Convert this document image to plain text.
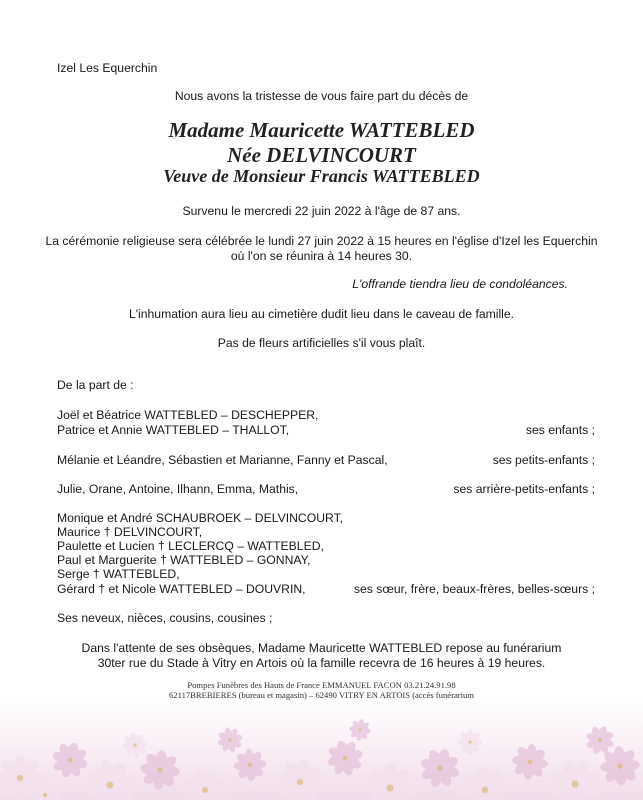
Izel Les Equerchin
Nous avons la tristesse de vous faire part du décès de
Madame Mauricette WATTEBLED
Née DELVINCOURT
Veuve de Monsieur Francis WATTEBLED
Survenu le mercredi 22 juin 2022 à l'âge de 87 ans.
La cérémonie religieuse sera célébrée le lundi 27 juin 2022 à 15 heures en l'église d'Izel les Equerchin
où l'on se réunira à 14 heures 30.
L'offrande tiendra lieu de condoléances.
L'inhumation aura lieu au cimetière dudit lieu dans le caveau de famille.
Pas de fleurs artificielles s'il vous plaît.
De la part de :
Joël et Béatrice WATTEBLED – DESCHEPPER,
Patrice et Annie WATTEBLED – THALLOT,	ses enfants ;
Mélanie et Léandre, Sébastien et Marianne, Fanny et Pascal,	ses petits-enfants ;
Julie, Orane, Antoine, Ilhann, Emma, Mathis,	ses arrière-petits-enfants ;
Monique et André SCHAUBROEK – DELVINCOURT,
Maurice † DELVINCOURT,
Paulette et Lucien † LECLERCQ – WATTEBLED,
Paul et Marguerite † WATTEBLED – GONNAY,
Serge † WATTEBLED,
Gérard † et Nicole WATTEBLED – DOUVRIN,	ses sœur, frère, beaux-frères, belles-sœurs ;
Ses neveux, nièces, cousins, cousines ;
Dans l'attente de ses obsèques, Madame Mauricette WATTEBLED repose au funérarium
30ter rue du Stade à Vitry en Artois où la famille recevra de 16 heures à 19 heures.
Pompes Funèbres des Hauts de France EMMANUEL FACON 03.21.24.91.98
62117BREBIERES (bureau et magasin) – 62490 VITRY EN ARTOIS (accès funérarium
